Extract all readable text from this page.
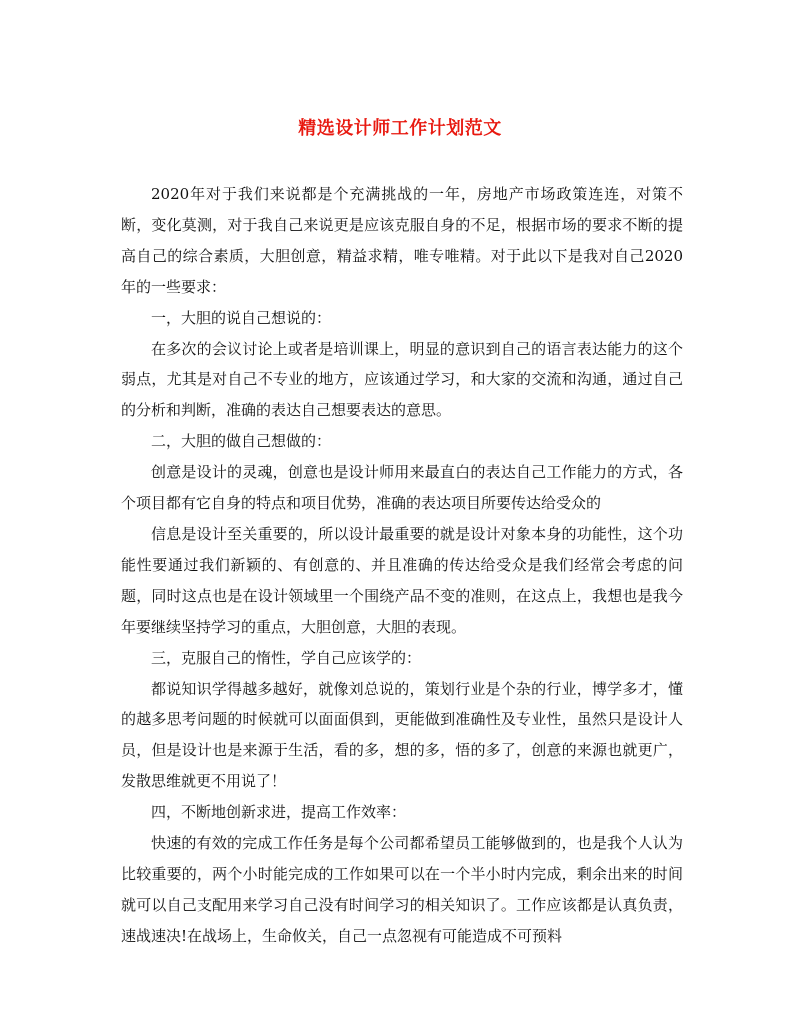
精选设计师工作计划范文

2020年对于我们来说都是个充满挑战的一年，房地产市场政策连连，对策不断，变化莫测，对于我自己来说更是应该克服自身的不足，根据市场的要求不断的提高自己的综合素质，大胆创意，精益求精，唯专唯精。对于此以下是我对自己2020年的一些要求：

一，大胆的说自己想说的：

在多次的会议讨论上或者是培训课上，明显的意识到自己的语言表达能力的这个弱点，尤其是对自己不专业的地方，应该通过学习，和大家的交流和沟通，通过自己的分析和判断，准确的表达自己想要表达的意思。

二，大胆的做自己想做的：

创意是设计的灵魂，创意也是设计师用来最直白的表达自己工作能力的方式，各个项目都有它自身的特点和项目优势，准确的表达项目所要传达给受众的

信息是设计至关重要的，所以设计最重要的就是设计对象本身的功能性，这个功能性要通过我们新颖的、有创意的、并且准确的传达给受众是我们经常会考虑的问题，同时这点也是在设计领域里一个围绕产品不变的准则，在这点上，我想也是我今年要继续坚持学习的重点，大胆创意，大胆的表现。

三，克服自己的惰性，学自己应该学的：

都说知识学得越多越好，就像刘总说的，策划行业是个杂的行业，博学多才，懂的越多思考问题的时候就可以面面俱到，更能做到准确性及专业性，虽然只是设计人员，但是设计也是来源于生活，看的多，想的多，悟的多了，创意的来源也就更广，发散思维就更不用说了！

四，不断地创新求进，提高工作效率：

快速的有效的完成工作任务是每个公司都希望员工能够做到的，也是我个人认为比较重要的，两个小时能完成的工作如果可以在一个半小时内完成，剩余出来的时间就可以自己支配用来学习自己没有时间学习的相关知识了。工作应该都是认真负责，速战速决!在战场上，生命攸关，自己一点忽视有可能造成不可预料
